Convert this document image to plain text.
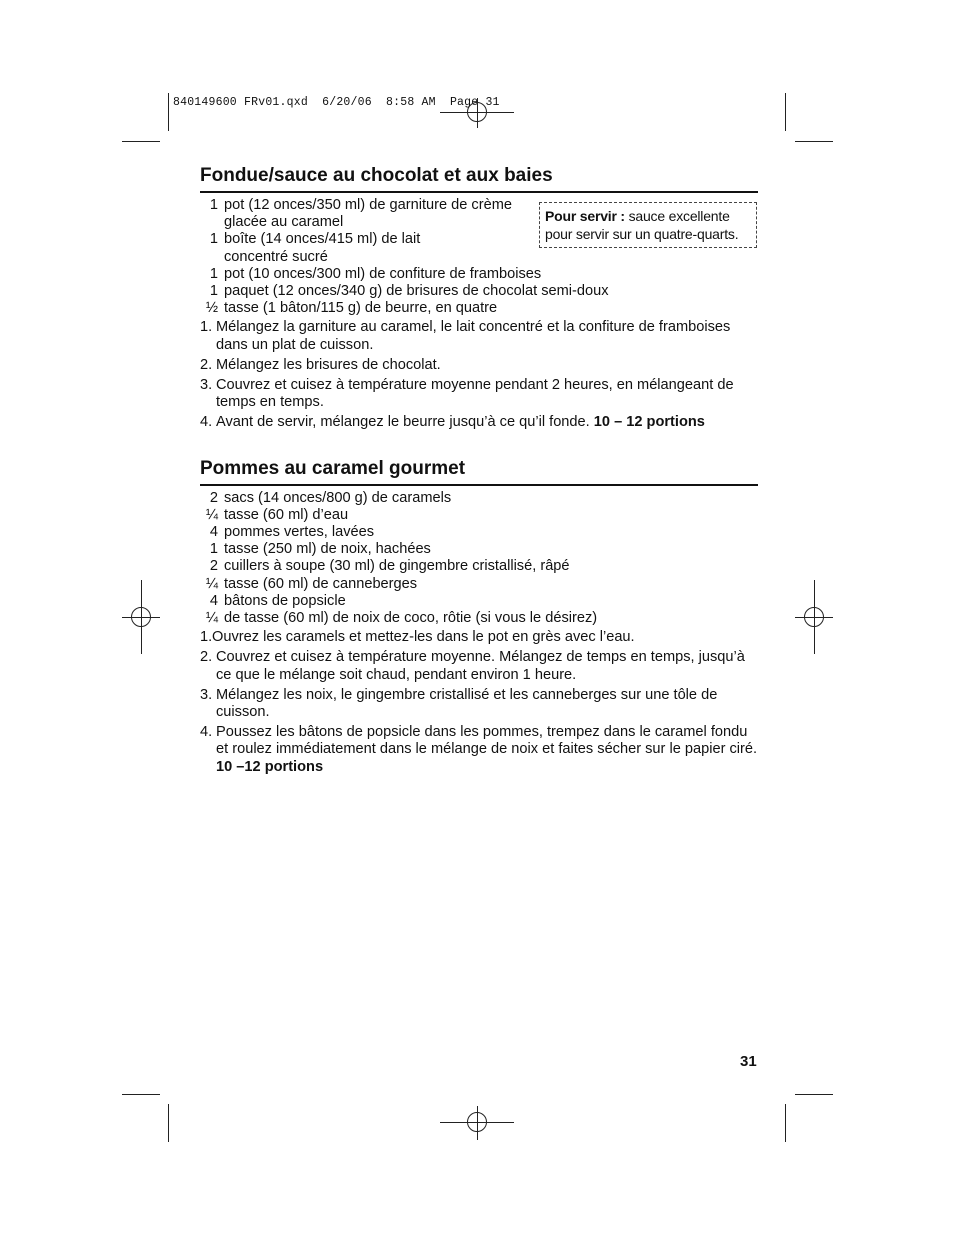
840149600 FRv01.qxd  6/20/06  8:58 AM  Page 31
Fondue/sauce au chocolat et aux baies
1 pot (12 onces/350 ml) de garniture de crème
glacée au caramel
1 boîte (14 onces/415 ml) de lait
concentré sucré
1 pot (10 onces/300 ml) de confiture de framboises
1 paquet (12 onces/340 g) de brisures de chocolat semi-doux
½ tasse (1 bâton/115 g) de beurre, en quatre
Pour servir : sauce excellente pour servir sur un quatre-quarts.
1. Mélangez la garniture au caramel, le lait concentré et la confiture de framboises dans un plat de cuisson.
2. Mélangez les brisures de chocolat.
3. Couvrez et cuisez à température moyenne pendant 2 heures, en mélangeant de temps en temps.
4. Avant de servir, mélangez le beurre jusqu’à ce qu’il fonde. 10 – 12 portions
Pommes au caramel gourmet
2 sacs (14 onces/800 g) de caramels
¼ tasse (60 ml) d’eau
4 pommes vertes, lavées
1 tasse (250 ml) de noix, hachées
2 cuillers à soupe (30 ml) de gingembre cristallisé, râpé
¼ tasse (60 ml) de canneberges
4 bâtons de popsicle
¼ de tasse (60 ml) de noix de coco, rôtie (si vous le désirez)
1. Ouvrez les caramels et mettez-les dans le pot en grès avec l’eau.
2. Couvrez et cuisez à température moyenne. Mélangez de temps en temps, jusqu’à ce que le mélange soit chaud, pendant environ 1 heure.
3. Mélangez les noix, le gingembre cristallisé et les canneberges sur une tôle de cuisson.
4. Poussez les bâtons de popsicle dans les pommes, trempez dans le caramel fondu et roulez immédiatement dans le mélange de noix et faites sécher sur le papier ciré. 10 –12 portions
31
